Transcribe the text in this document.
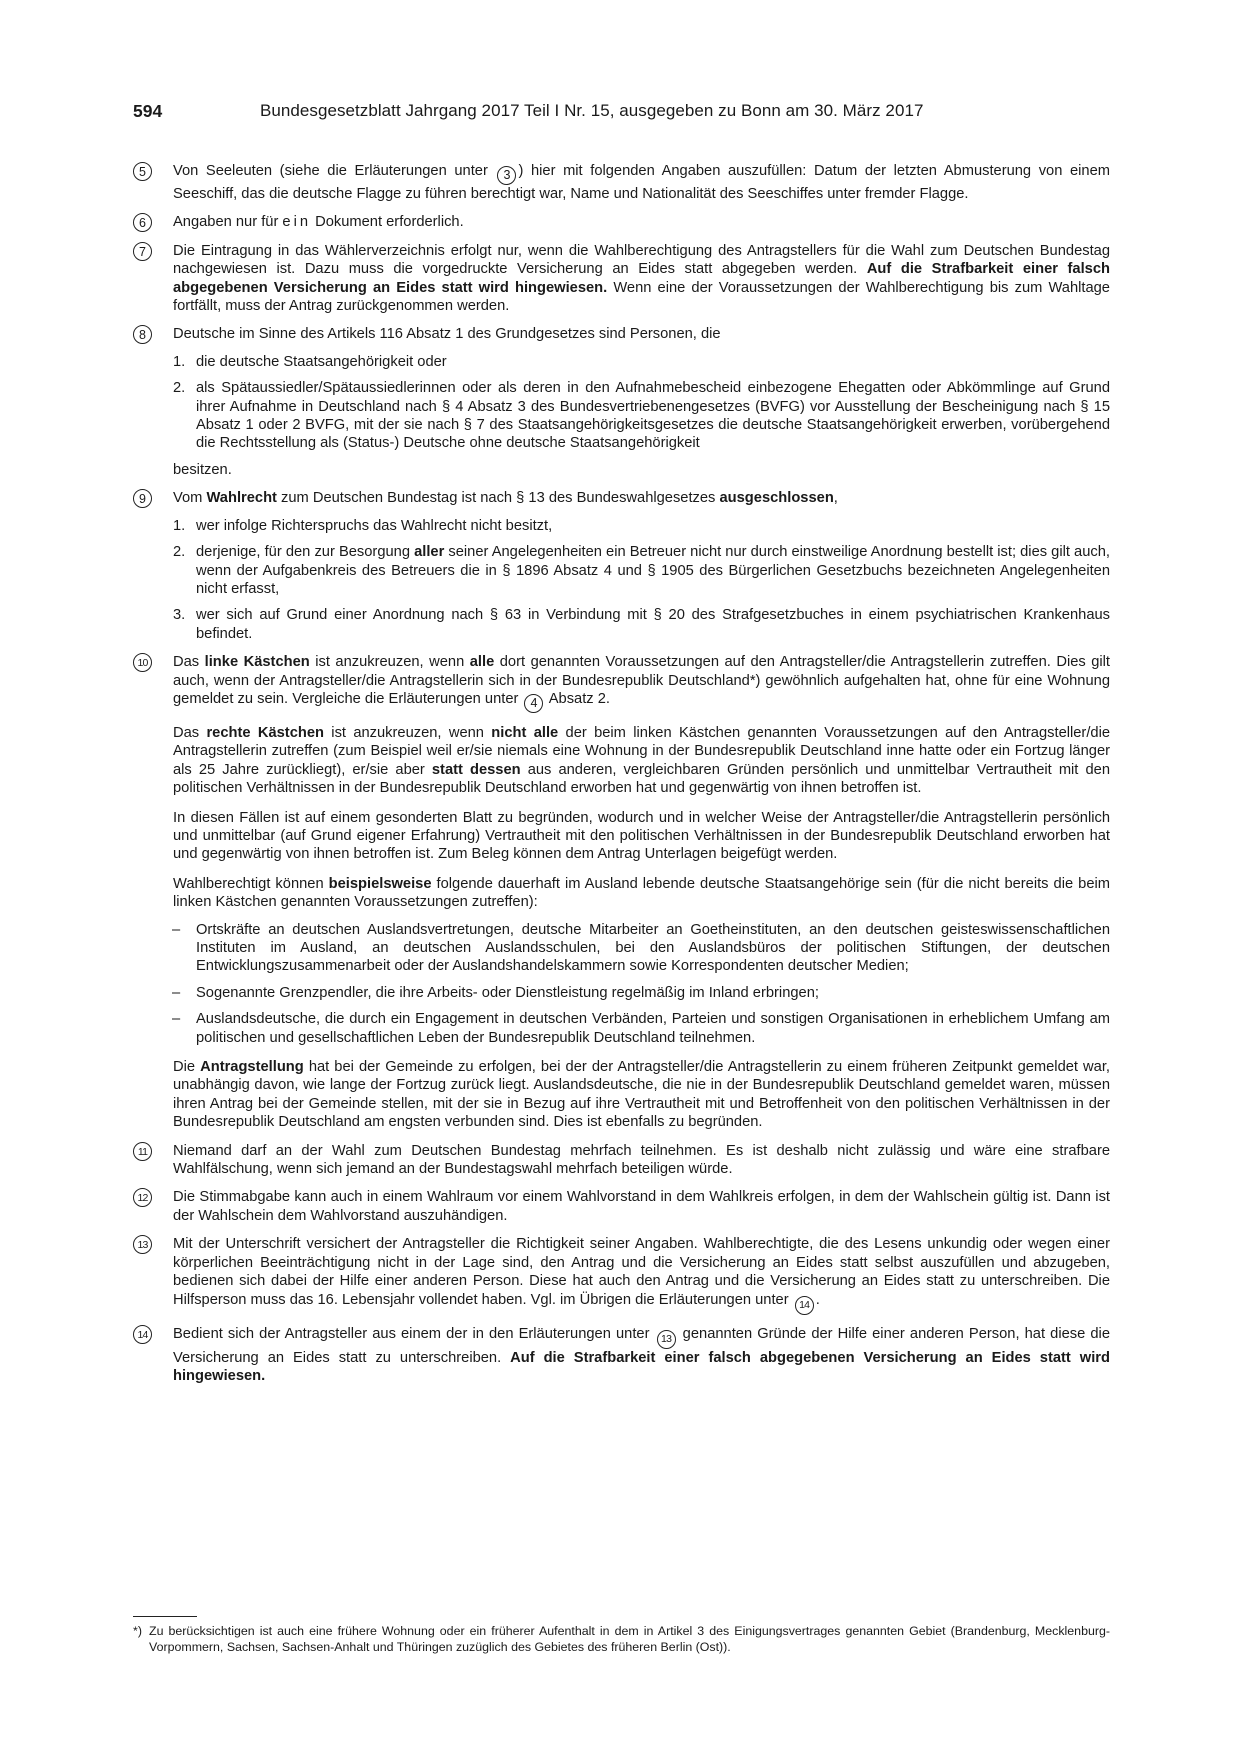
594	Bundesgesetzblatt Jahrgang 2017 Teil I Nr. 15, ausgegeben zu Bonn am 30. März 2017
5	Von Seeleuten (siehe die Erläuterungen unter 3 ) hier mit folgenden Angaben auszufüllen: Datum der letzten Abmusterung von einem Seeschiff, das die deutsche Flagge zu führen berechtigt war, Name und Nationalität des Seeschiffes unter fremder Flagge.
6	Angaben nur für ein Dokument erforderlich.
7	Die Eintragung in das Wählerverzeichnis erfolgt nur, wenn die Wahlberechtigung des Antragstellers für die Wahl zum Deutschen Bundestag nachgewiesen ist. Dazu muss die vorgedruckte Versicherung an Eides statt abgegeben werden. Auf die Strafbarkeit einer falsch abgegebenen Versicherung an Eides statt wird hingewiesen. Wenn eine der Voraussetzungen der Wahlberechtigung bis zum Wahltage fortfällt, muss der Antrag zurückgenommen werden.
8	Deutsche im Sinne des Artikels 116 Absatz 1 des Grundgesetzes sind Personen, die
1. die deutsche Staatsangehörigkeit oder
2. als Spätaussiedler/Spätaussiedlerinnen oder als deren in den Aufnahmebescheid einbezogene Ehegatten oder Abkömmlinge auf Grund ihrer Aufnahme in Deutschland nach § 4 Absatz 3 des Bundesvertriebenengesetzes (BVFG) vor Ausstellung der Bescheinigung nach § 15 Absatz 1 oder 2 BVFG, mit der sie nach § 7 des Staatsangehörigkeitsgesetzes die deutsche Staatsangehörigkeit erwerben, vorübergehend die Rechtsstellung als (Status-) Deutsche ohne deutsche Staatsangehörigkeit
besitzen.
9	Vom Wahlrecht zum Deutschen Bundestag ist nach § 13 des Bundeswahlgesetzes ausgeschlossen,
1. wer infolge Richterspruchs das Wahlrecht nicht besitzt,
2. derjenige, für den zur Besorgung aller seiner Angelegenheiten ein Betreuer nicht nur durch einstweilige Anordnung bestellt ist; dies gilt auch, wenn der Aufgabenkreis des Betreuers die in § 1896 Absatz 4 und § 1905 des Bürgerlichen Gesetzbuchs bezeichneten Angelegenheiten nicht erfasst,
3. wer sich auf Grund einer Anordnung nach § 63 in Verbindung mit § 20 des Strafgesetzbuches in einem psychiatrischen Krankenhaus befindet.
10	Das linke Kästchen ist anzukreuzen, wenn alle dort genannten Voraussetzungen auf den Antragsteller/die Antragstellerin zutreffen. Dies gilt auch, wenn der Antragsteller/die Antragstellerin sich in der Bundesrepublik Deutschland*) gewöhnlich aufgehalten hat, ohne für eine Wohnung gemeldet zu sein. Vergleiche die Erläuterungen unter 4 Absatz 2.
Das rechte Kästchen ist anzukreuzen, wenn nicht alle der beim linken Kästchen genannten Voraussetzungen auf den Antragsteller/die Antragstellerin zutreffen (zum Beispiel weil er/sie niemals eine Wohnung in der Bundesrepublik Deutschland inne hatte oder ein Fortzug länger als 25 Jahre zurückliegt), er/sie aber statt dessen aus anderen, vergleichbaren Gründen persönlich und unmittelbar Vertrautheit mit den politischen Verhältnissen in der Bundesrepublik Deutschland erworben hat und gegenwärtig von ihnen betroffen ist.
In diesen Fällen ist auf einem gesonderten Blatt zu begründen, wodurch und in welcher Weise der Antragsteller/die Antragstellerin persönlich und unmittelbar (auf Grund eigener Erfahrung) Vertrautheit mit den politischen Verhältnissen in der Bundesrepublik Deutschland erworben hat und gegenwärtig von ihnen betroffen ist. Zum Beleg können dem Antrag Unterlagen beigefügt werden.
Wahlberechtigt können beispielsweise folgende dauerhaft im Ausland lebende deutsche Staatsangehörige sein (für die nicht bereits die beim linken Kästchen genannten Voraussetzungen zutreffen):
– Ortskräfte an deutschen Auslandsvertretungen, deutsche Mitarbeiter an Goetheinstituten, an den deutschen geisteswissenschaftlichen Instituten im Ausland, an deutschen Auslandsschulen, bei den Auslandsbüros der politischen Stiftungen, der deutschen Entwicklungszusammenarbeit oder der Auslandshandelskammern sowie Korrespondenten deutscher Medien;
– Sogenannte Grenzpendler, die ihre Arbeits- oder Dienstleistung regelmäßig im Inland erbringen;
– Auslandsdeutsche, die durch ein Engagement in deutschen Verbänden, Parteien und sonstigen Organisationen in erheblichem Umfang am politischen und gesellschaftlichen Leben der Bundesrepublik Deutschland teilnehmen.
Die Antragstellung hat bei der Gemeinde zu erfolgen, bei der der Antragsteller/die Antragstellerin zu einem früheren Zeitpunkt gemeldet war, unabhängig davon, wie lange der Fortzug zurück liegt. Auslandsdeutsche, die nie in der Bundesrepublik Deutschland gemeldet waren, müssen ihren Antrag bei der Gemeinde stellen, mit der sie in Bezug auf ihre Vertrautheit mit und Betroffenheit von den politischen Verhältnissen in der Bundesrepublik Deutschland am engsten verbunden sind. Dies ist ebenfalls zu begründen.
11	Niemand darf an der Wahl zum Deutschen Bundestag mehrfach teilnehmen. Es ist deshalb nicht zulässig und wäre eine strafbare Wahlfälschung, wenn sich jemand an der Bundestagswahl mehrfach beteiligen würde.
12	Die Stimmabgabe kann auch in einem Wahlraum vor einem Wahlvorstand in dem Wahlkreis erfolgen, in dem der Wahlschein gültig ist. Dann ist der Wahlschein dem Wahlvorstand auszuhändigen.
13	Mit der Unterschrift versichert der Antragsteller die Richtigkeit seiner Angaben. Wahlberechtigte, die des Lesens unkundig oder wegen einer körperlichen Beeinträchtigung nicht in der Lage sind, den Antrag und die Versicherung an Eides statt selbst auszufüllen und abzugeben, bedienen sich dabei der Hilfe einer anderen Person. Diese hat auch den Antrag und die Versicherung an Eides statt zu unterschreiben. Die Hilfsperson muss das 16. Lebensjahr vollendet haben. Vgl. im Übrigen die Erläuterungen unter 14 .
14	Bedient sich der Antragsteller aus einem der in den Erläuterungen unter 13 genannten Gründe der Hilfe einer anderen Person, hat diese die Versicherung an Eides statt zu unterschreiben. Auf die Strafbarkeit einer falsch abgegebenen Versicherung an Eides statt wird hingewiesen.
*) Zu berücksichtigen ist auch eine frühere Wohnung oder ein früherer Aufenthalt in dem in Artikel 3 des Einigungsvertrages genannten Gebiet (Brandenburg, Mecklenburg-Vorpommern, Sachsen, Sachsen-Anhalt und Thüringen zuzüglich des Gebietes des früheren Berlin (Ost)).
